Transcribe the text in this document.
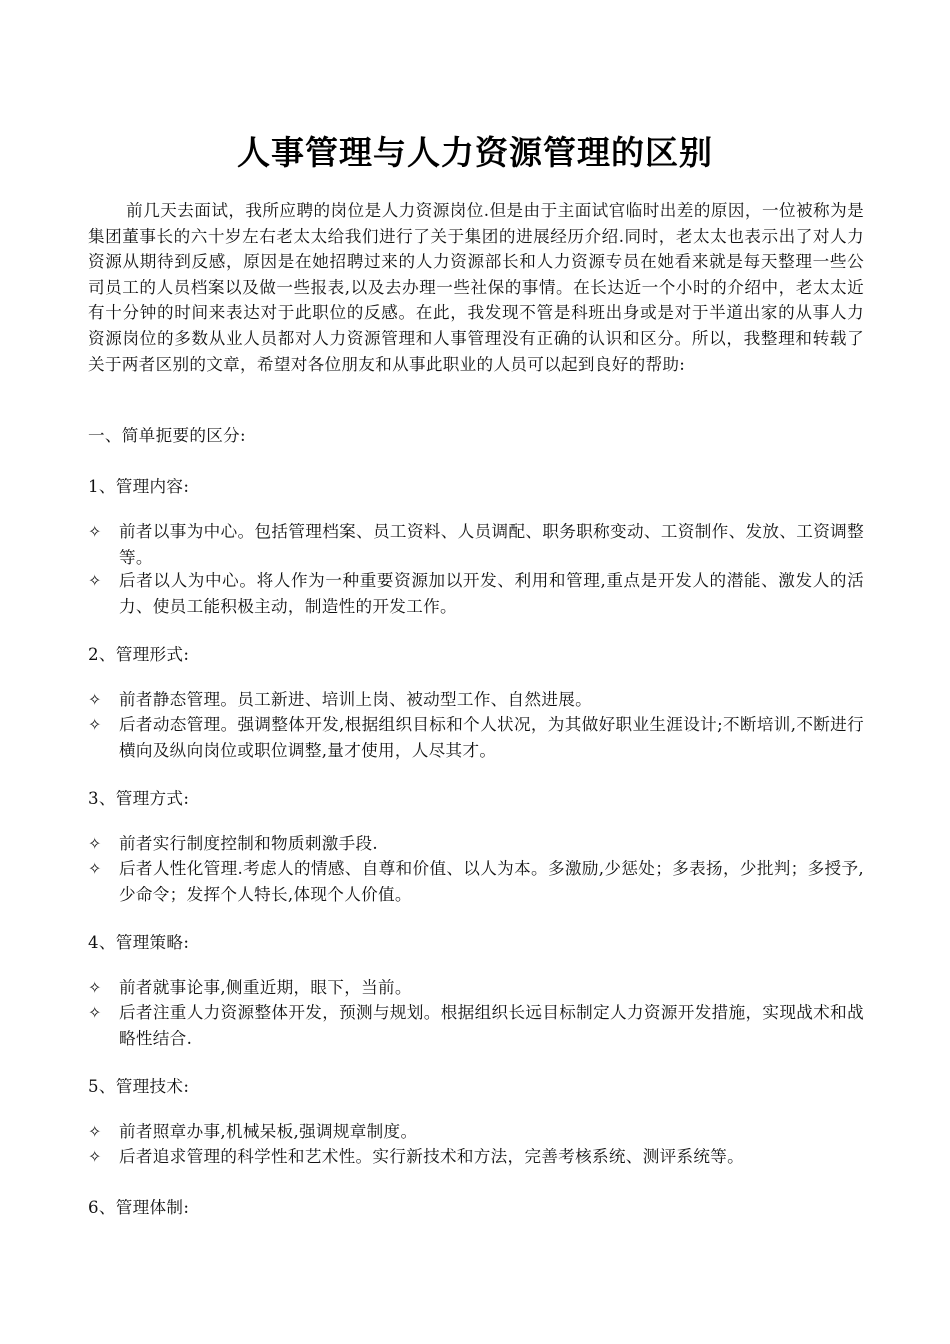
人事管理与人力资源管理的区别

前几天去面试，我所应聘的岗位是人力资源岗位.但是由于主面试官临时出差的原因，一位被称为是集团董事长的六十岁左右老太太给我们进行了关于集团的进展经历介绍.同时，老太太也表示出了对人力资源从期待到反感，原因是在她招聘过来的人力资源部长和人力资源专员在她看来就是每天整理一些公司员工的人员档案以及做一些报表,以及去办理一些社保的事情。在长达近一个小时的介绍中，老太太近有十分钟的时间来表达对于此职位的反感。在此，我发现不管是科班出身或是对于半道出家的从事人力资源岗位的多数从业人员都对人力资源管理和人事管理没有正确的认识和区分。所以，我整理和转载了关于两者区别的文章，希望对各位朋友和从事此职业的人员可以起到良好的帮助:

一、简单扼要的区分:

1、管理内容:

✧	前者以事为中心。包括管理档案、员工资料、人员调配、职务职称变动、工资制作、发放、工资调整等。
✧	后者以人为中心。将人作为一种重要资源加以开发、利用和管理,重点是开发人的潜能、激发人的活力、使员工能积极主动，制造性的开发工作。

2、管理形式:

✧	前者静态管理。员工新进、培训上岗、被动型工作、自然进展。
✧	后者动态管理。强调整体开发,根据组织目标和个人状况，为其做好职业生涯设计;不断培训,不断进行横向及纵向岗位或职位调整,量才使用，人尽其才。

3、管理方式:

✧	前者实行制度控制和物质刺激手段.
✧	后者人性化管理.考虑人的情感、自尊和价值、以人为本。多激励,少惩处；多表扬，少批判；多授予,少命令；发挥个人特长,体现个人价值。

4、管理策略:

✧	前者就事论事,侧重近期，眼下，当前。
✧	后者注重人力资源整体开发，预测与规划。根据组织长远目标制定人力资源开发措施，实现战术和战略性结合.

5、管理技术:

✧	前者照章办事,机械呆板,强调规章制度。
✧	后者追求管理的科学性和艺术性。实行新技术和方法，完善考核系统、测评系统等。

6、管理体制:
